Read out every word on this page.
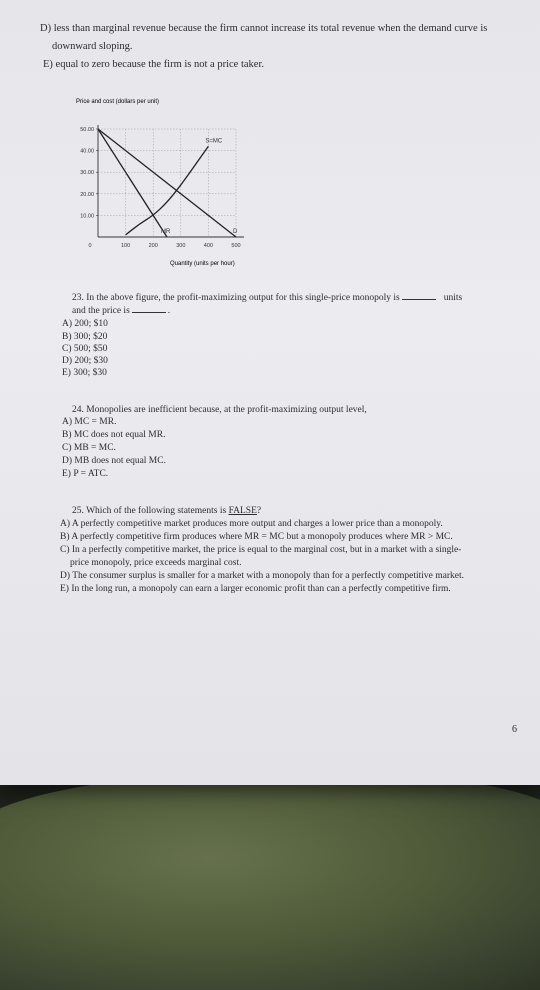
D) less than marginal revenue because the firm cannot increase its total revenue when the demand curve is
downward sloping.
E) equal to zero because the firm is not a price taker.
10.00
20.00
30.00
40.00
50.00
0	100	200	300	400	500
D
MR
S=MC
Price and cost (dollars per unit)
Quantity (units per hour)
23. In the above figure, the profit-maximizing output for this single-price monopoly is	units
and the price is	.
A) 200; $10
B) 300; $20
C) 500; $50
D) 200; $30
E) 300; $30
24. Monopolies are inefficient because, at the profit-maximizing output level,
A) MC = MR.
B) MC does not equal MR.
C) MB = MC.
D) MB does not equal MC.
E) P = ATC.
25. Which of the following statements is FALSE?
A) A perfectly competitive market produces more output and charges a lower price than a monopoly.
B) A perfectly competitive firm produces where MR = MC but a monopoly produces where MR > MC.
C) In a perfectly competitive market, the price is equal to the marginal cost, but in a market with a single-
price monopoly, price exceeds marginal cost.
D) The consumer surplus is smaller for a market with a monopoly than for a perfectly competitive market.
E) In the long run, a monopoly can earn a larger economic profit than can a perfectly competitive firm.
6
